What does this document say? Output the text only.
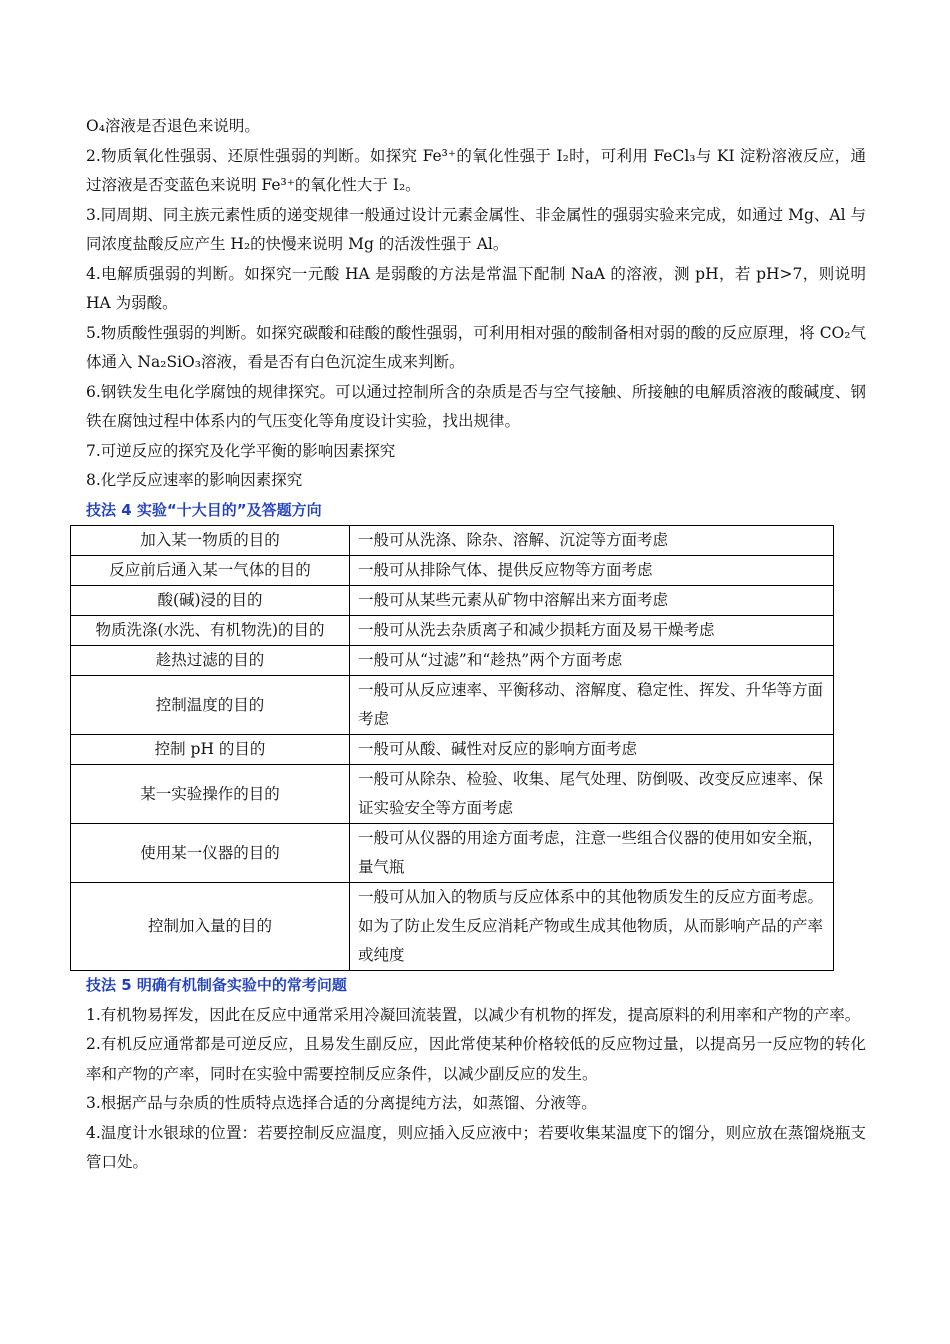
O₄溶液是否退色来说明。

2.物质氧化性强弱、还原性强弱的判断。如探究 Fe³⁺的氧化性强于 I₂时，可利用 FeCl₃与 KI 淀粉溶液反应，通过溶液是否变蓝色来说明 Fe³⁺的氧化性大于 I₂。

3.同周期、同主族元素性质的递变规律一般通过设计元素金属性、非金属性的强弱实验来完成，如通过 Mg、Al 与同浓度盐酸反应产生 H₂的快慢来说明 Mg 的活泼性强于 Al。

4.电解质强弱的判断。如探究一元酸 HA 是弱酸的方法是常温下配制 NaA 的溶液，测 pH，若 pH>7，则说明 HA 为弱酸。

5.物质酸性强弱的判断。如探究碳酸和硅酸的酸性强弱，可利用相对强的酸制备相对弱的酸的反应原理，将 CO₂气体通入 Na₂SiO₃溶液，看是否有白色沉淀生成来判断。

6.钢铁发生电化学腐蚀的规律探究。可以通过控制所含的杂质是否与空气接触、所接触的电解质溶液的酸碱度、钢铁在腐蚀过程中体系内的气压变化等角度设计实验，找出规律。

7.可逆反应的探究及化学平衡的影响因素探究

8.化学反应速率的影响因素探究

技法 4 实验“十大目的”及答题方向

加入某一物质的目的	一般可从洗涤、除杂、溶解、沉淀等方面考虑
反应前后通入某一气体的目的	一般可从排除气体、提供反应物等方面考虑
酸(碱)浸的目的	一般可从某些元素从矿物中溶解出来方面考虑
物质洗涤(水洗、有机物洗)的目的	一般可从洗去杂质离子和减少损耗方面及易干燥考虑
趁热过滤的目的	一般可从“过滤”和“趁热”两个方面考虑
控制温度的目的	一般可从反应速率、平衡移动、溶解度、稳定性、挥发、升华等方面考虑
控制 pH 的目的	一般可从酸、碱性对反应的影响方面考虑
某一实验操作的目的	一般可从除杂、检验、收集、尾气处理、防倒吸、改变反应速率、保证实验安全等方面考虑
使用某一仪器的目的	一般可从仪器的用途方面考虑，注意一些组合仪器的使用如安全瓶，量气瓶
控制加入量的目的	一般可从加入的物质与反应体系中的其他物质发生的反应方面考虑。如为了防止发生反应消耗产物或生成其他物质，从而影响产品的产率或纯度

技法 5 明确有机制备实验中的常考问题

1.有机物易挥发，因此在反应中通常采用冷凝回流装置，以减少有机物的挥发，提高原料的利用率和产物的产率。

2.有机反应通常都是可逆反应，且易发生副反应，因此常使某种价格较低的反应物过量，以提高另一反应物的转化率和产物的产率，同时在实验中需要控制反应条件，以减少副反应的发生。

3.根据产品与杂质的性质特点选择合适的分离提纯方法，如蒸馏、分液等。

4.温度计水银球的位置：若要控制反应温度，则应插入反应液中；若要收集某温度下的馏分，则应放在蒸馏烧瓶支管口处。
